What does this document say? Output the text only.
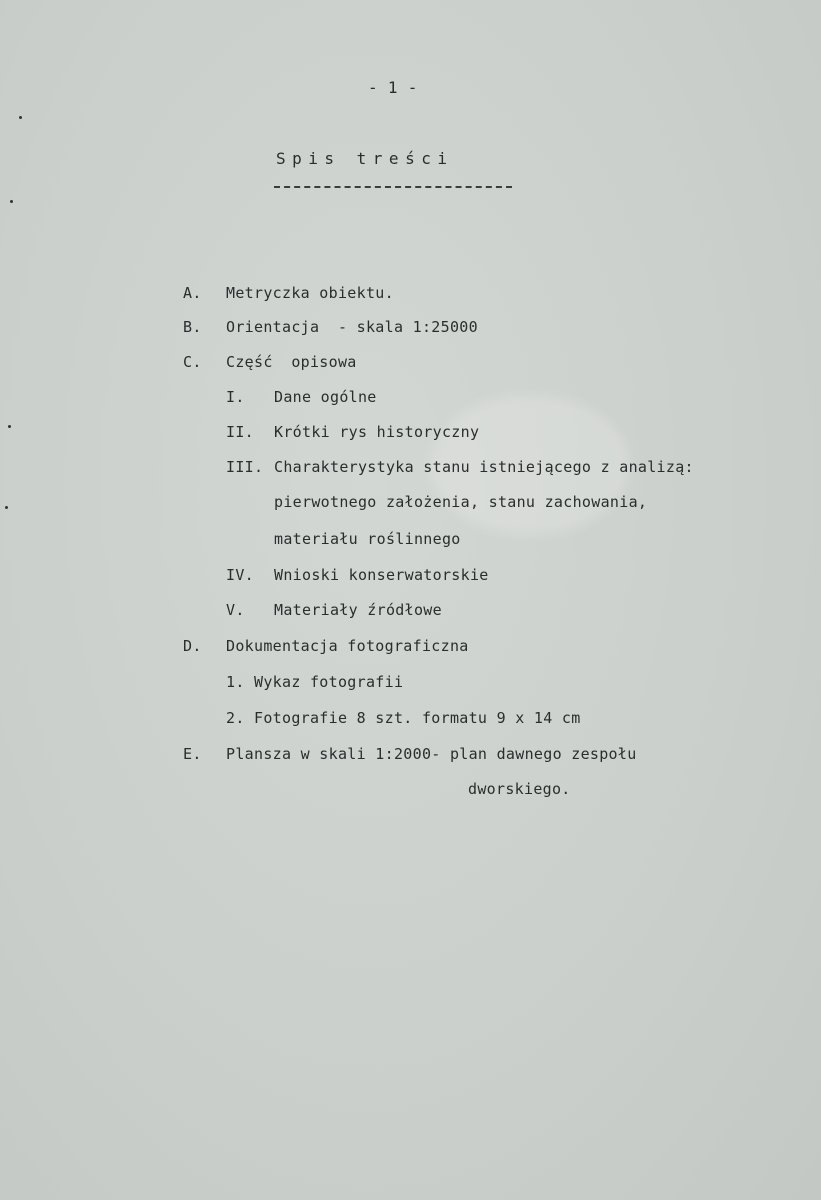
- 1 -
Spis treści
A. Metryczka obiektu.
B. Orientacja  - skala 1:25000
C. Część  opisowa
I. Dane ogólne
II. Krótki rys historyczny
III. Charakterystyka stanu istniejącego z analizą:
pierwotnego założenia, stanu zachowania,
materiału roślinnego
IV. Wnioski konserwatorskie
V. Materiały źródłowe
D. Dokumentacja fotograficzna
1. Wykaz fotografii
2. Fotografie 8 szt. formatu 9 x 14 cm
E. Plansza w skali 1:2000- plan dawnego zespołu
dworskiego.
